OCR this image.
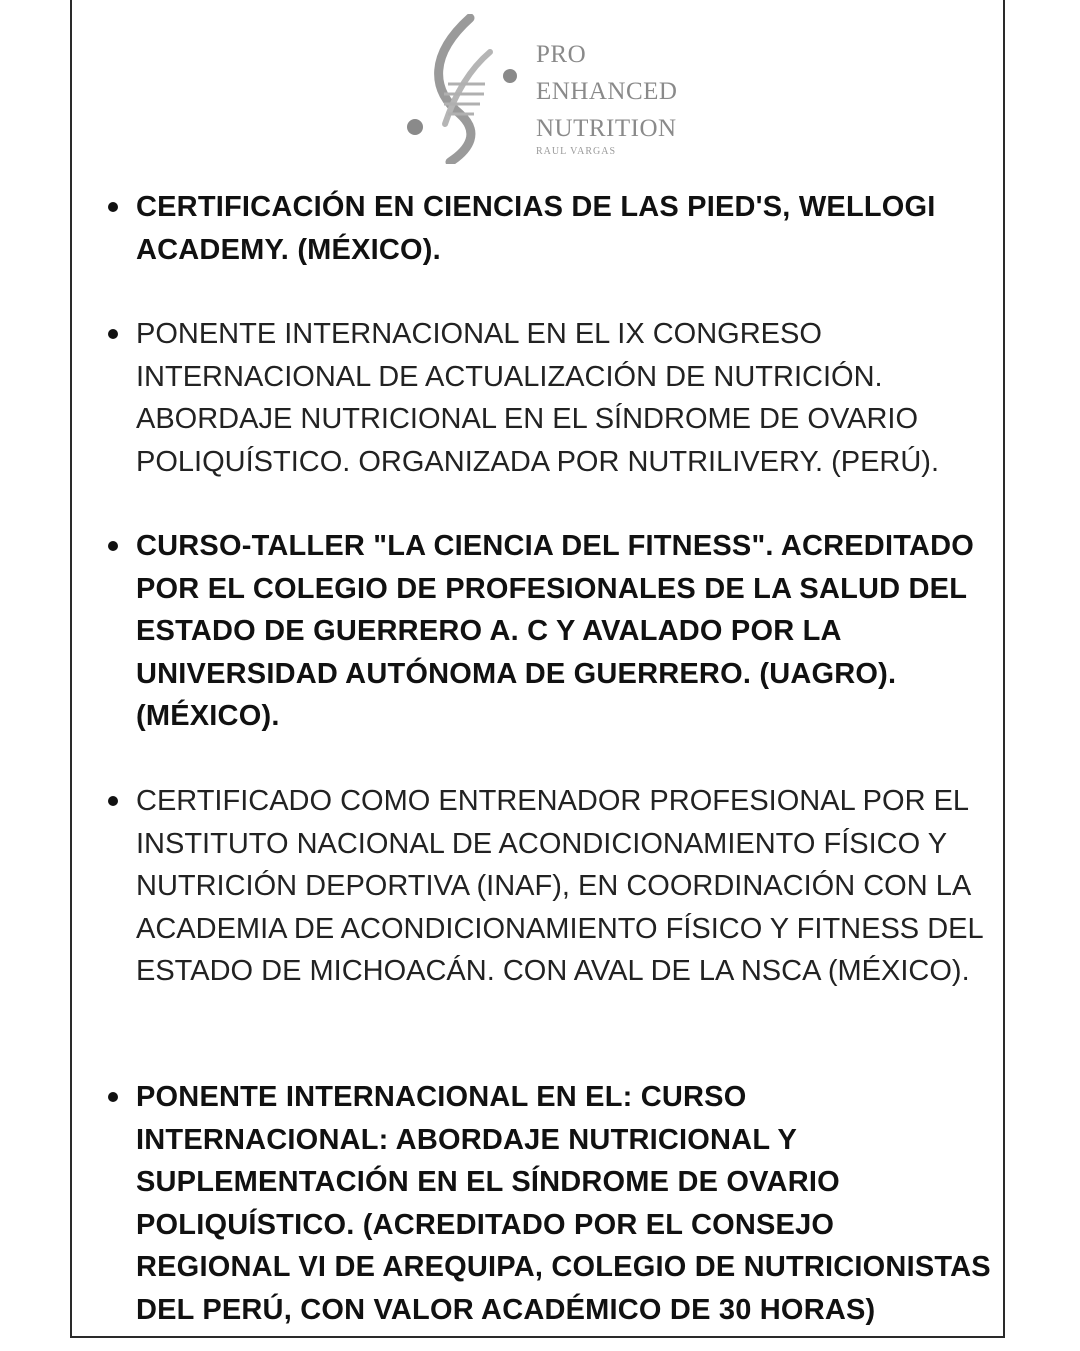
PRO
ENHANCED
NUTRITION
RAUL VARGAS
CERTIFICACIÓN EN CIENCIAS DE LAS PIED'S, WELLOGI ACADEMY. (MÉXICO).
PONENTE INTERNACIONAL EN EL IX CONGRESO INTERNACIONAL DE ACTUALIZACIÓN DE NUTRICIÓN. ABORDAJE NUTRICIONAL EN EL SÍNDROME DE OVARIO POLIQUÍSTICO. ORGANIZADA POR NUTRILIVERY. (PERÚ).
CURSO-TALLER "LA CIENCIA DEL FITNESS". ACREDITADO POR EL COLEGIO DE PROFESIONALES DE LA SALUD DEL ESTADO DE GUERRERO A. C Y AVALADO POR LA UNIVERSIDAD AUTÓNOMA DE GUERRERO. (UAGRO). (MÉXICO).
CERTIFICADO COMO ENTRENADOR PROFESIONAL POR EL INSTITUTO NACIONAL DE ACONDICIONAMIENTO FÍSICO Y NUTRICIÓN DEPORTIVA (INAF), EN COORDINACIÓN CON LA ACADEMIA DE ACONDICIONAMIENTO FÍSICO Y FITNESS DEL ESTADO DE MICHOACÁN. CON AVAL DE LA NSCA (MÉXICO).
PONENTE INTERNACIONAL EN EL: CURSO INTERNACIONAL: ABORDAJE NUTRICIONAL Y SUPLEMENTACIÓN EN EL SÍNDROME DE OVARIO POLIQUÍSTICO. (ACREDITADO POR EL CONSEJO REGIONAL VI DE AREQUIPA, COLEGIO DE NUTRICIONISTAS DEL PERÚ, CON VALOR ACADÉMICO DE 30 HORAS)
